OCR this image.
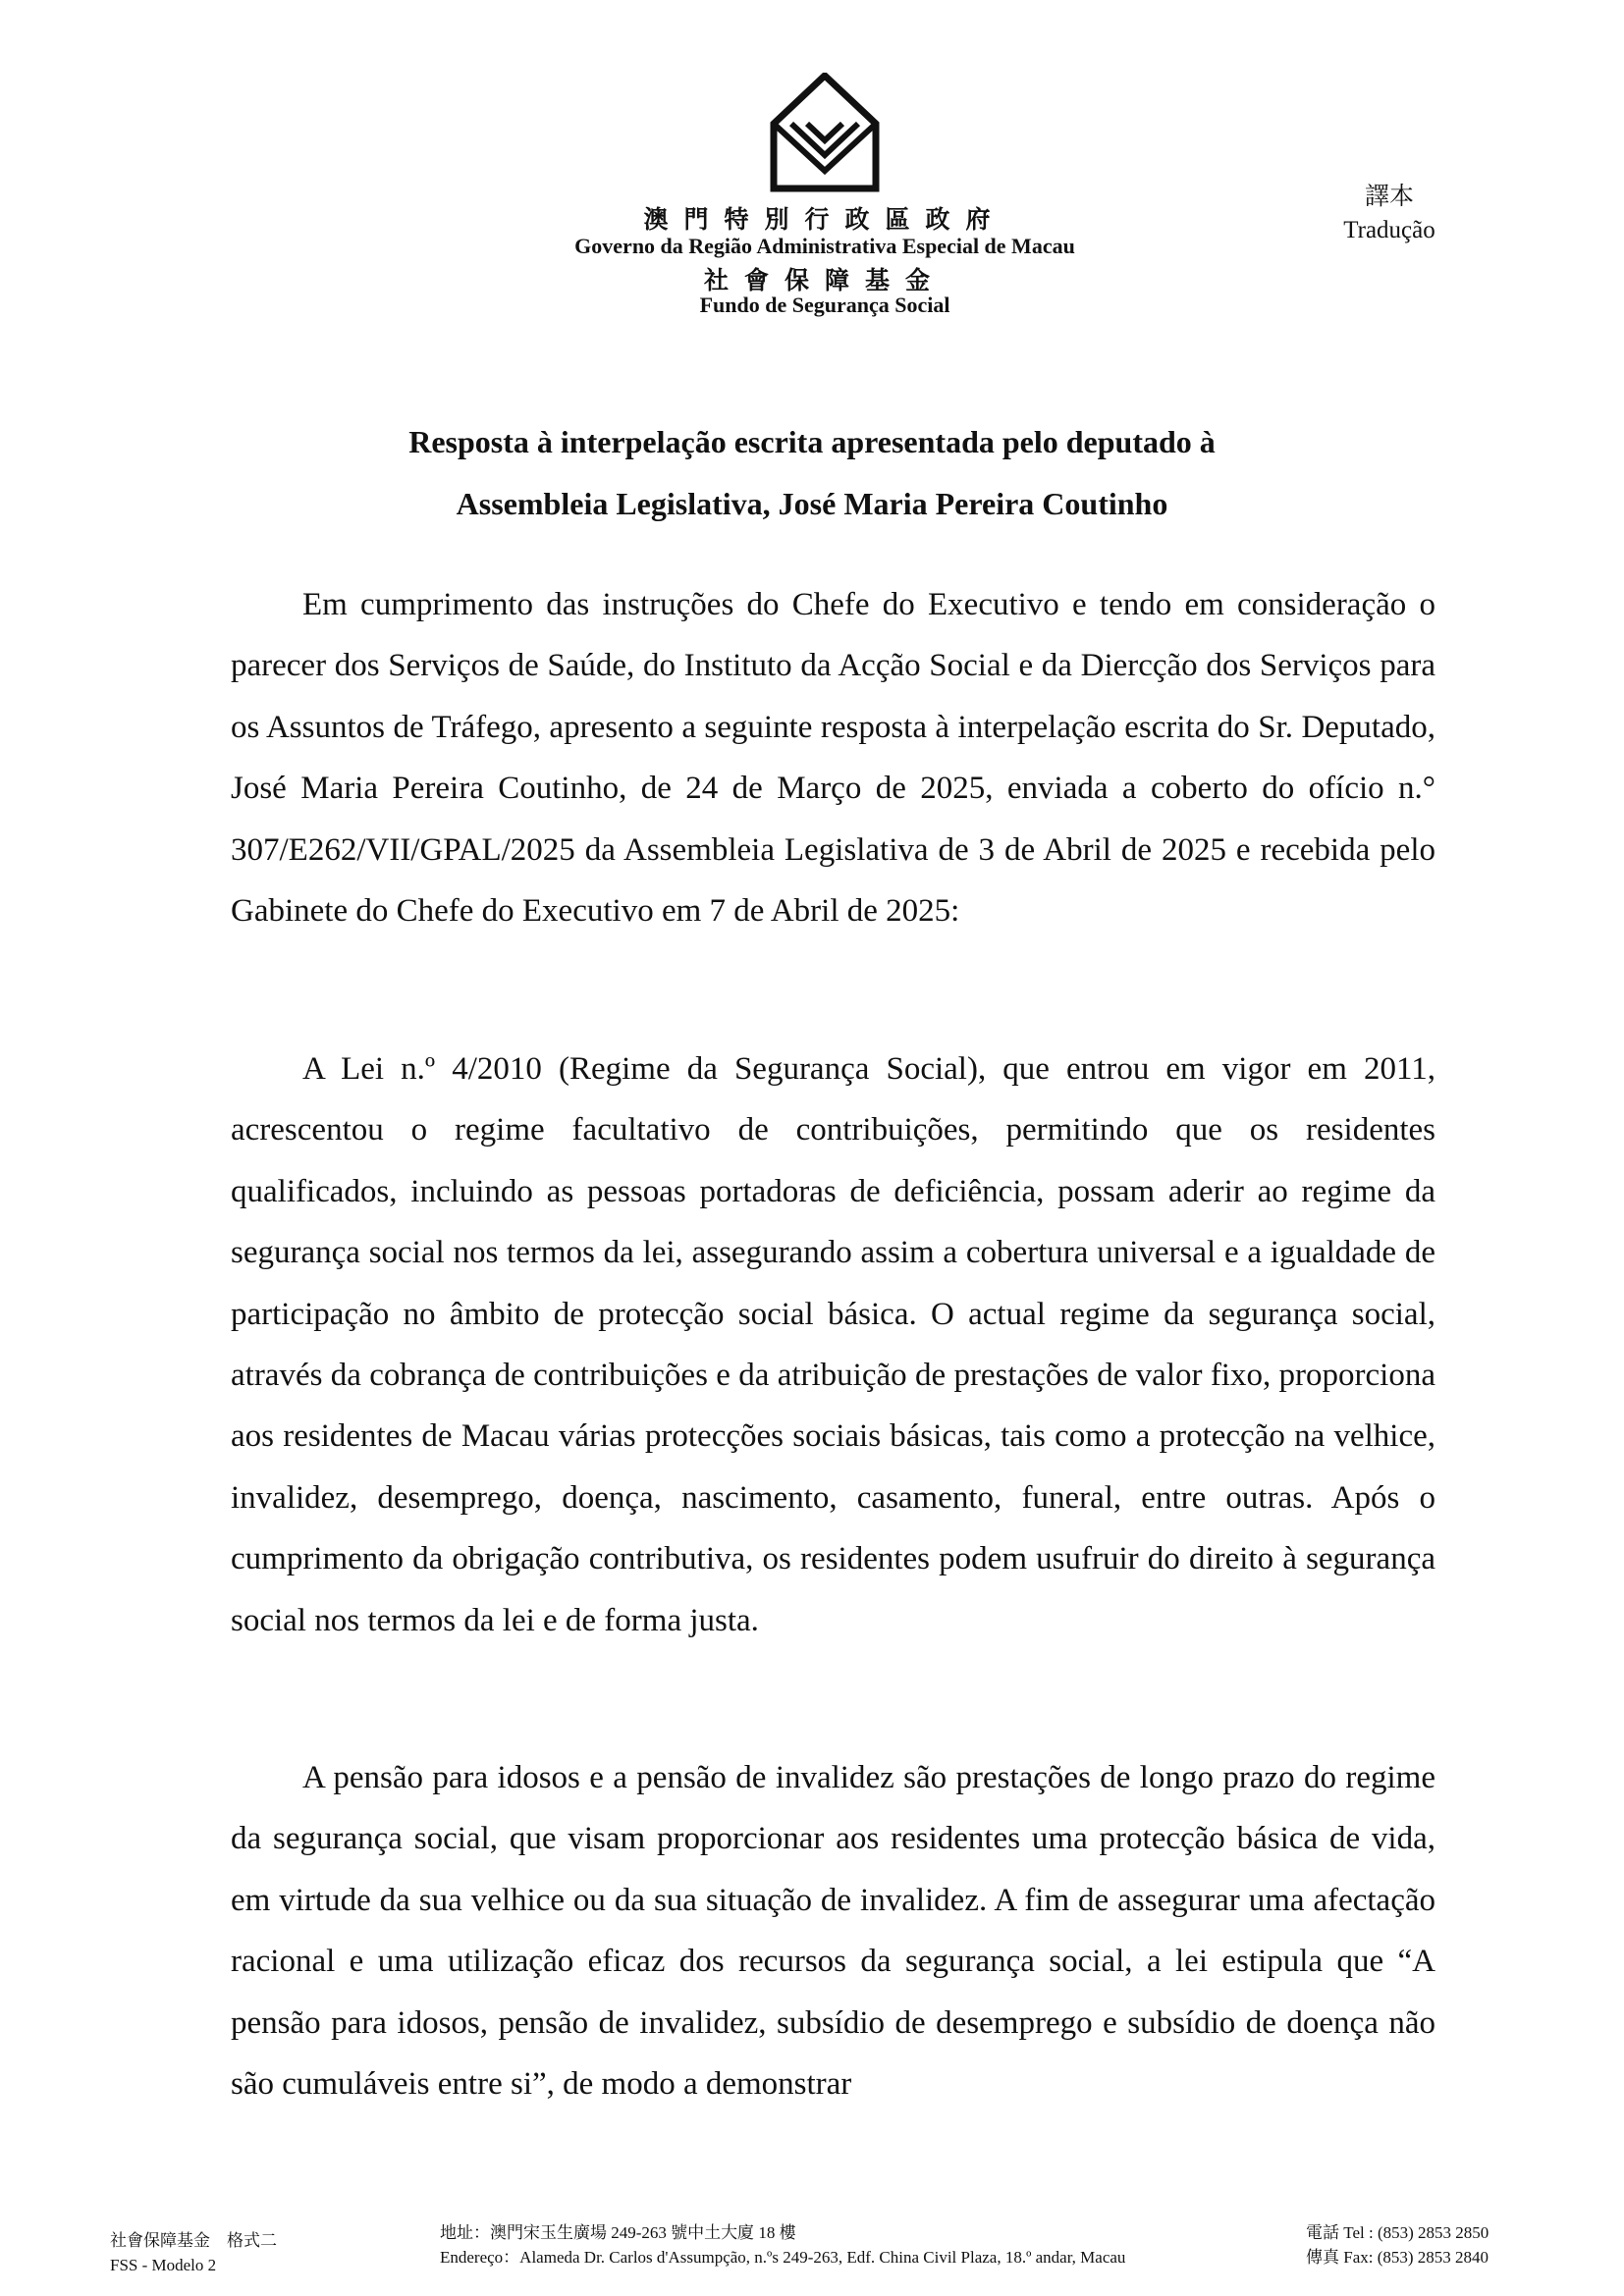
澳門特別行政區政府
Governo da Região Administrativa Especial de Macau
社會保障基金
Fundo de Segurança Social
譯本
Tradução
Resposta à interpelação escrita apresentada pelo deputado à
Assembleia Legislativa, José Maria Pereira Coutinho

Em cumprimento das instruções do Chefe do Executivo e tendo em consideração o parecer dos Serviços de Saúde, do Instituto da Acção Social e da Diercção dos Serviços para os Assuntos de Tráfego, apresento a seguinte resposta à interpelação escrita do Sr. Deputado, José Maria Pereira Coutinho, de 24 de Março de 2025, enviada a coberto do ofício n.° 307/E262/VII/GPAL/2025 da Assembleia Legislativa de 3 de Abril de 2025 e recebida pelo Gabinete do Chefe do Executivo em 7 de Abril de 2025:

A Lei n.º 4/2010 (Regime da Segurança Social), que entrou em vigor em 2011, acrescentou o regime facultativo de contribuições, permitindo que os residentes qualificados, incluindo as pessoas portadoras de deficiência, possam aderir ao regime da segurança social nos termos da lei, assegurando assim a cobertura universal e a igualdade de participação no âmbito de protecção social básica. O actual regime da segurança social, através da cobrança de contribuições e da atribuição de prestações de valor fixo, proporciona aos residentes de Macau várias protecções sociais básicas, tais como a protecção na velhice, invalidez, desemprego, doença, nascimento, casamento, funeral, entre outras. Após o cumprimento da obrigação contributiva, os residentes podem usufruir do direito à segurança social nos termos da lei e de forma justa.

A pensão para idosos e a pensão de invalidez são prestações de longo prazo do regime da segurança social, que visam proporcionar aos residentes uma protecção básica de vida, em virtude da sua velhice ou da sua situação de invalidez. A fim de assegurar uma afectação racional e uma utilização eficaz dos recursos da segurança social, a lei estipula que “A pensão para idosos, pensão de invalidez, subsídio de desemprego e subsídio de doença não são cumuláveis entre si”, de modo a demonstrar

社會保障基金　格式二
FSS - Modelo 2
地址：澳門宋玉生廣場 249-263 號中土大廈 18 樓
Endereço：Alameda Dr. Carlos d'Assumpção, n.ºs 249-263, Edf. China Civil Plaza, 18.º andar, Macau
電話 Tel : (853) 2853 2850
傳真 Fax: (853) 2853 2840
